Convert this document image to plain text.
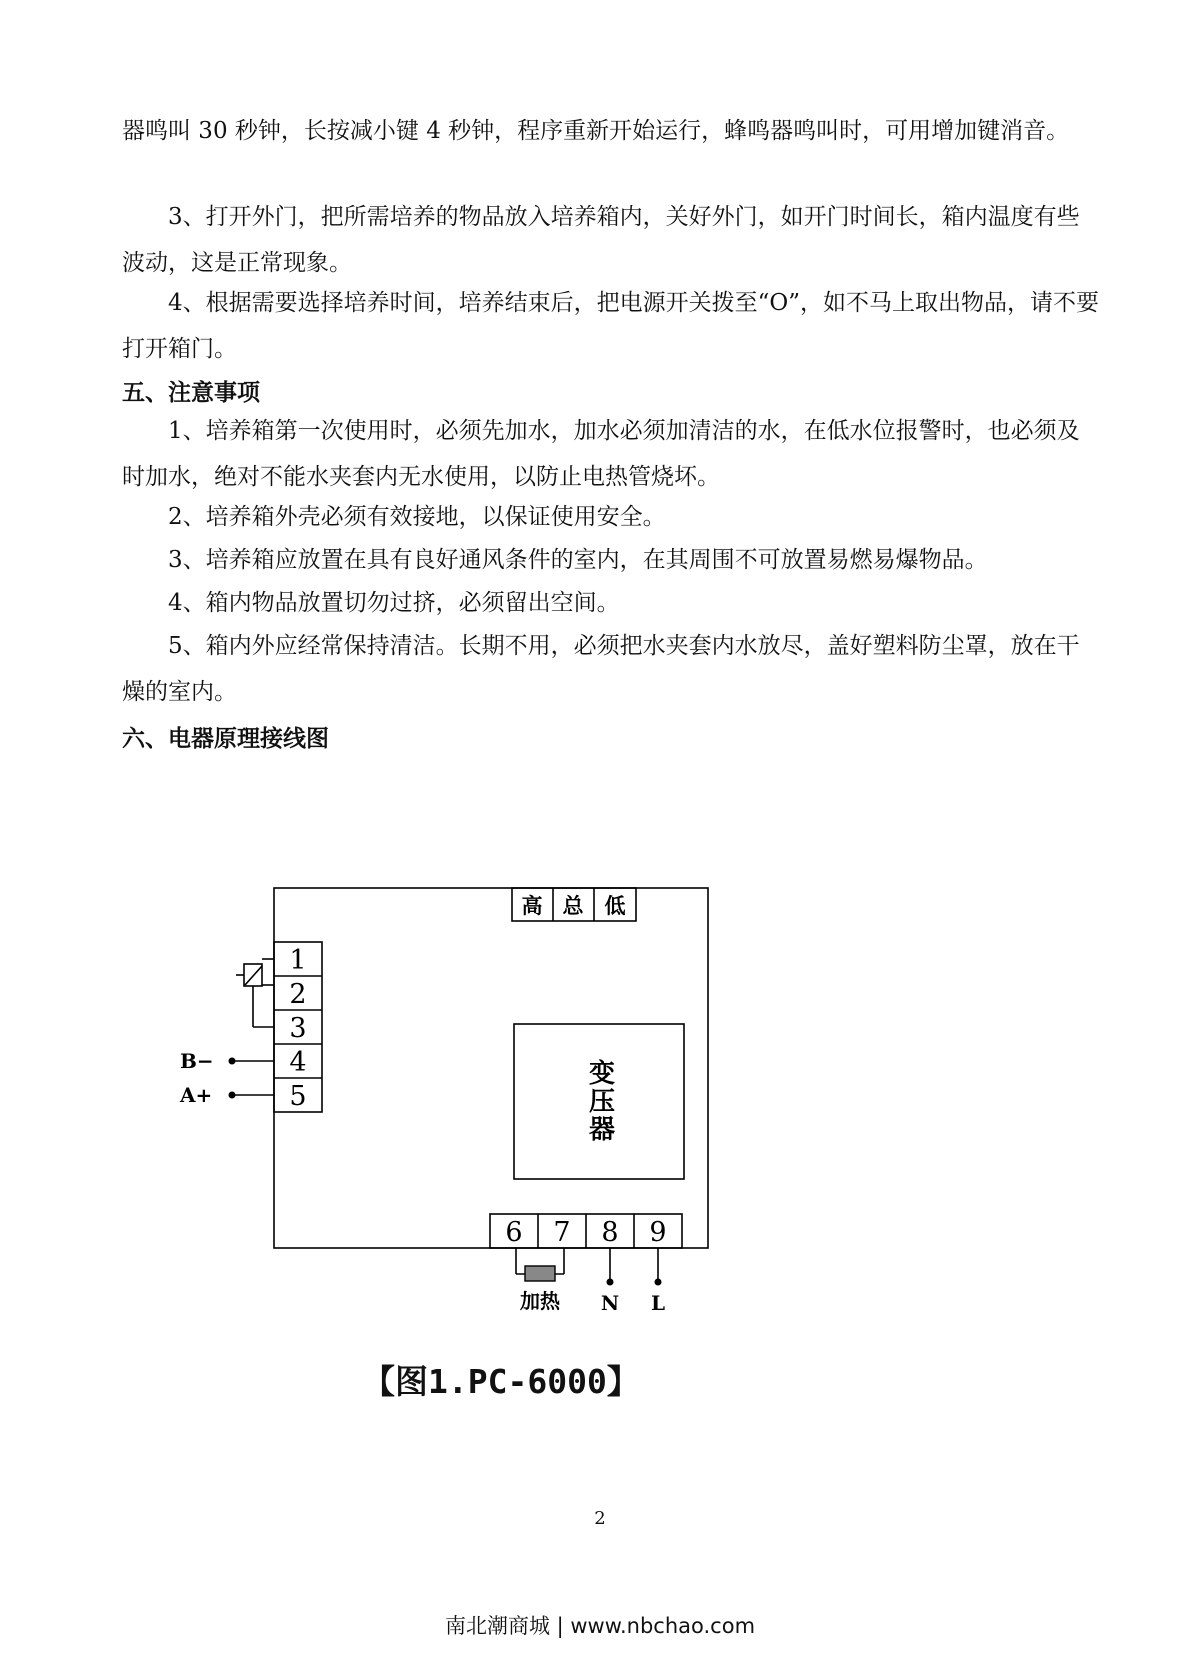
器鸣叫 30 秒钟，长按减小键 4 秒钟，程序重新开始运行，蜂鸣器鸣叫时，可用增加键消音。

3、打开外门，把所需培养的物品放入培养箱内，关好外门，如开门时间长，箱内温度有些波动，这是正常现象。

4、根据需要选择培养时间，培养结束后，把电源开关拨至“O”，如不马上取出物品，请不要打开箱门。

五、注意事项

1、培养箱第一次使用时，必须先加水，加水必须加清洁的水，在低水位报警时，也必须及时加水，绝对不能水夹套内无水使用，以防止电热管烧坏。

2、培养箱外壳必须有效接地，以保证使用安全。

3、培养箱应放置在具有良好通风条件的室内，在其周围不可放置易燃易爆物品。

4、箱内物品放置切勿过挤，必须留出空间。

5、箱内外应经常保持清洁。长期不用，必须把水夹套内水放尽，盖好塑料防尘罩，放在干燥的室内。

六、电器原理接线图

高 总 低
1
2
3
4
5
6 7 8 9
B−
A+
加热 N L
变
压
器
【图1.PC-6000】
2
南北潮商城 | www.nbchao.com
